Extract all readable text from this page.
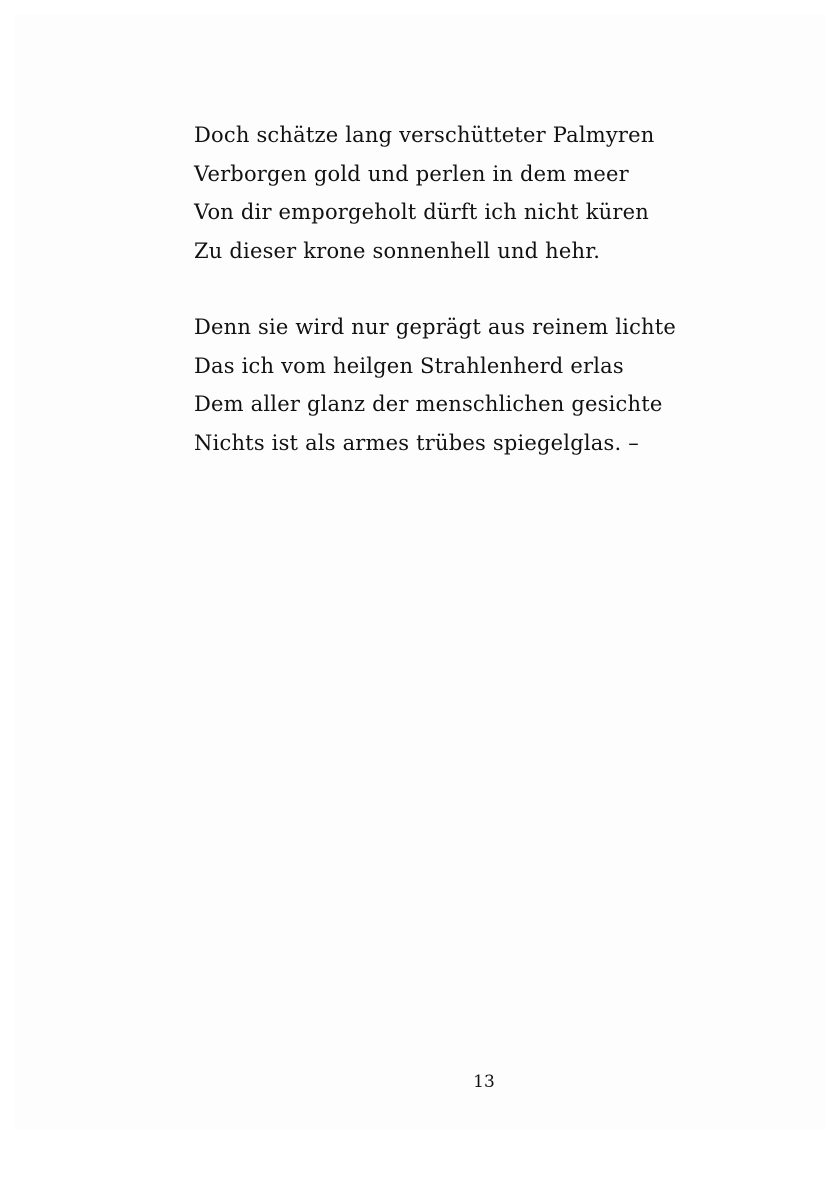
Doch schätze lang verschütteter Palmyren
Verborgen gold und perlen in dem meer
Von dir emporgeholt dürft ich nicht küren
Zu dieser krone sonnenhell und hehr.
Denn sie wird nur geprägt aus reinem lichte
Das ich vom heilgen Strahlenherd erlas
Dem aller glanz der menschlichen gesichte
Nichts ist als armes trübes spiegelglas. –
13
